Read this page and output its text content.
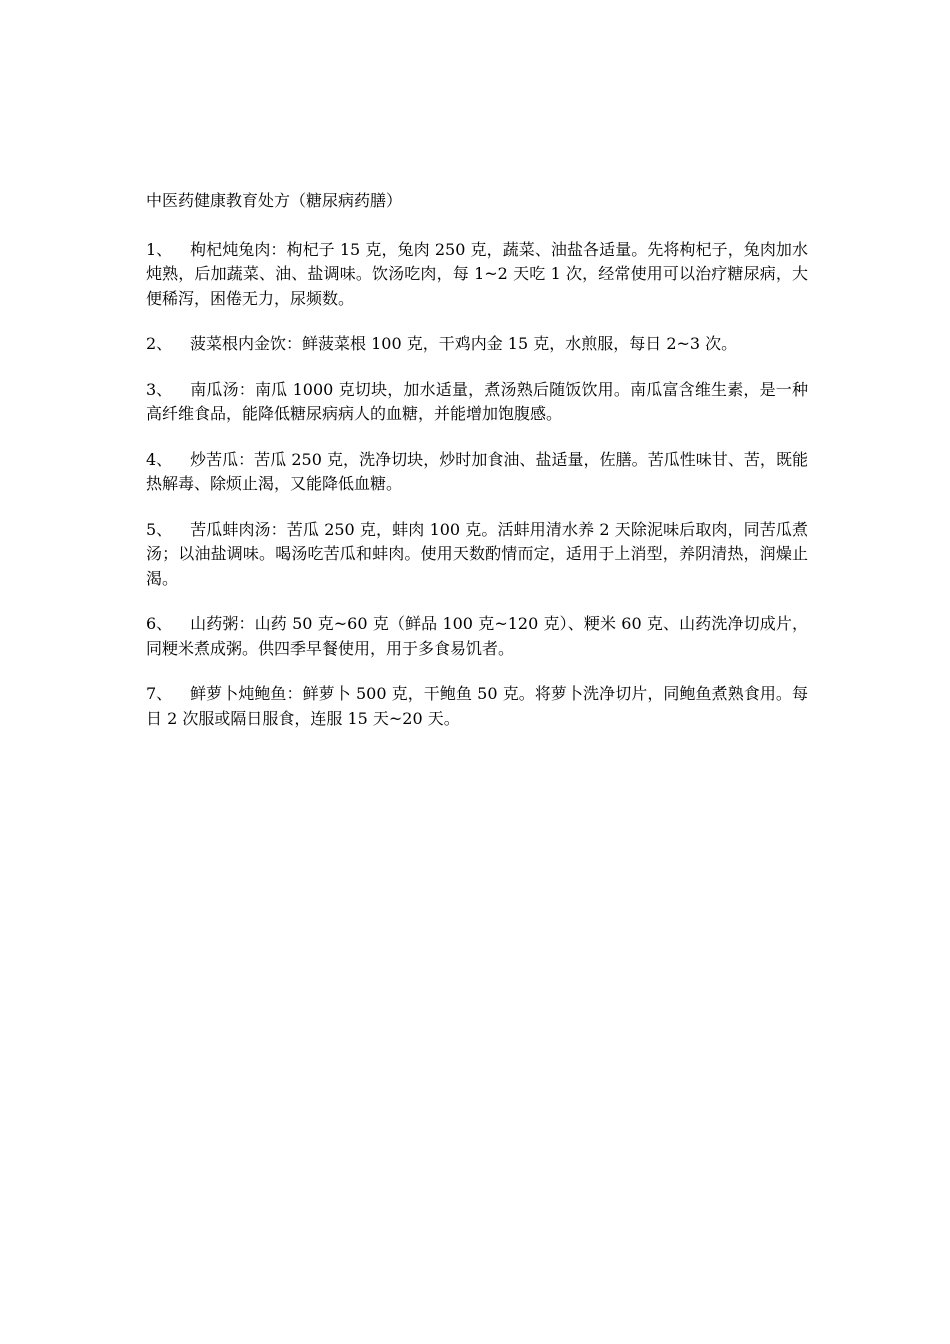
中医药健康教育处方（糖尿病药膳）

1、 枸杞炖兔肉：枸杞子 15 克，兔肉 250 克，蔬菜、油盐各适量。先将枸杞子，兔肉加水炖熟，后加蔬菜、油、盐调味。饮汤吃肉，每 1~2 天吃 1 次，经常使用可以治疗糖尿病，大便稀泻，困倦无力，尿频数。

2、 菠菜根内金饮：鲜菠菜根 100 克，干鸡内金 15 克，水煎服，每日 2~3 次。

3、 南瓜汤：南瓜 1000 克切块，加水适量，煮汤熟后随饭饮用。南瓜富含维生素，是一种高纤维食品，能降低糖尿病病人的血糖，并能增加饱腹感。

4、 炒苦瓜：苦瓜 250 克，洗净切块，炒时加食油、盐适量，佐膳。苦瓜性味甘、苦，既能热解毒、除烦止渴，又能降低血糖。

5、 苦瓜蚌肉汤：苦瓜 250 克，蚌肉 100 克。活蚌用清水养 2 天除泥味后取肉，同苦瓜煮汤；以油盐调味。喝汤吃苦瓜和蚌肉。使用天数酌情而定，适用于上消型，养阴清热，润燥止渴。

6、 山药粥：山药 50 克~60 克（鲜品 100 克~120 克）、粳米 60 克、山药洗净切成片，同粳米煮成粥。供四季早餐使用，用于多食易饥者。

7、 鲜萝卜炖鲍鱼：鲜萝卜 500 克，干鲍鱼 50 克。将萝卜洗净切片，同鲍鱼煮熟食用。每日 2 次服或隔日服食，连服 15 天~20 天。
